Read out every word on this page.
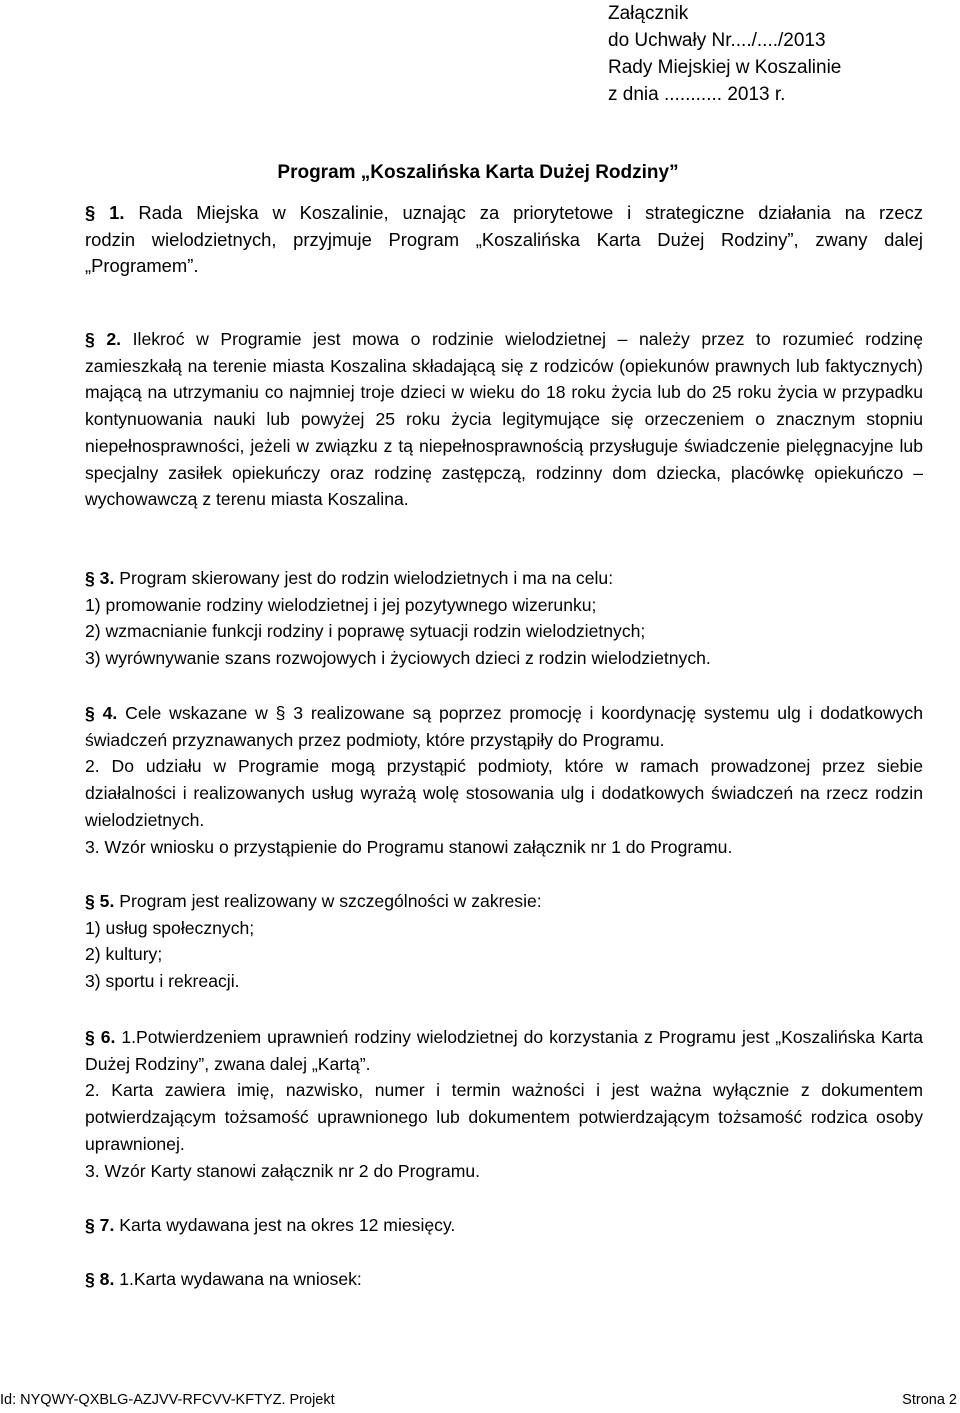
Załącznik
do Uchwały Nr..../..../2013
Rady Miejskiej w Koszalinie
z dnia ........... 2013 r.
Program „Koszalińska Karta Dużej Rodziny”

§ 1. Rada Miejska w Koszalinie, uznając za priorytetowe i strategiczne działania na rzecz

rodzin wielodzietnych, przyjmuje Program „Koszalińska Karta Dużej Rodziny”, zwany dalej

„Programem”.

§ 2. Ilekroć w Programie jest mowa o rodzinie wielodzietnej – należy przez to rozumieć rodzinę zamieszkałą na terenie miasta Koszalina składającą się z rodziców (opiekunów prawnych lub faktycznych) mającą na utrzymaniu co najmniej troje dzieci w wieku do 18 roku życia lub do 25 roku życia w przypadku kontynuowania nauki lub powyżej 25 roku życia legitymujące się orzeczeniem o znacznym stopniu niepełnosprawności, jeżeli w związku z tą niepełnosprawnością przysługuje świadczenie pielęgnacyjne lub specjalny zasiłek opiekuńczy oraz rodzinę zastępczą, rodzinny dom dziecka, placówkę opiekuńczo – wychowawczą z terenu miasta Koszalina.

§ 3. Program skierowany jest do rodzin wielodzietnych i ma na celu:

1) promowanie rodziny wielodzietnej i jej pozytywnego wizerunku;

2) wzmacnianie funkcji rodziny i poprawę sytuacji rodzin wielodzietnych;

3) wyrównywanie szans rozwojowych i życiowych dzieci z rodzin wielodzietnych.

§ 4. Cele wskazane w § 3 realizowane są poprzez promocję i koordynację systemu ulg i dodatkowych świadczeń przyznawanych przez podmioty, które przystąpiły do Programu.

2. Do udziału w Programie mogą przystąpić podmioty, które w ramach prowadzonej przez siebie działalności i realizowanych usług wyrażą wolę stosowania ulg i dodatkowych świadczeń na rzecz rodzin wielodzietnych.

3. Wzór wniosku o przystąpienie do Programu stanowi załącznik nr 1 do Programu.

§ 5. Program jest realizowany w szczególności w zakresie:

1) usług społecznych;

2) kultury;

3) sportu i rekreacji.

§ 6. 1.Potwierdzeniem uprawnień rodziny wielodzietnej do korzystania z Programu jest „Koszalińska Karta Dużej Rodziny”, zwana dalej „Kartą”.

2. Karta zawiera imię, nazwisko, numer i termin ważności i jest ważna wyłącznie z dokumentem potwierdzającym tożsamość uprawnionego lub dokumentem potwierdzającym tożsamość rodzica osoby uprawnionej.

3. Wzór Karty stanowi załącznik nr 2 do Programu.

§ 7. Karta wydawana jest na okres 12 miesięcy.

§ 8. 1.Karta wydawana na wniosek:

Id: NYQWY-QXBLG-AZJVV-RFCVV-KFTYZ. Projekt	Strona 2
